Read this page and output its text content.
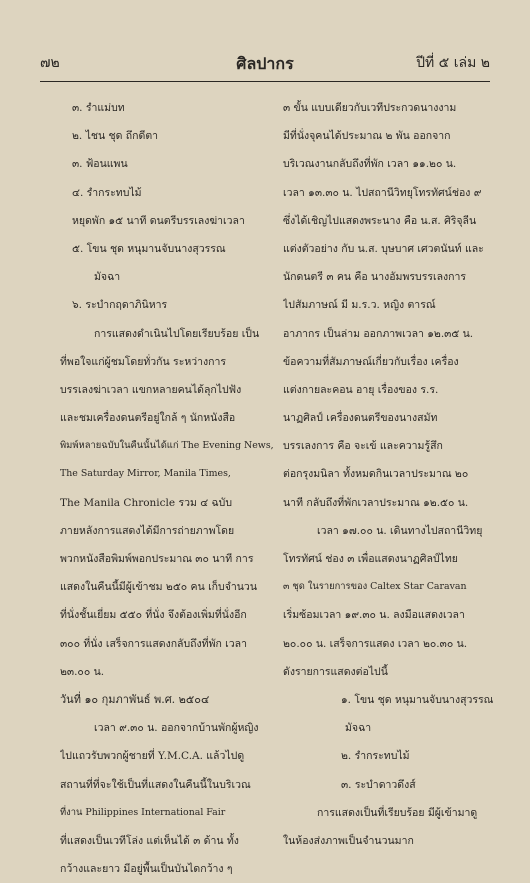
๗๒	ศิลปากร	ปีที่ ๕ เล่ม ๒
๓. รำแม่บท
๒. ไชน ชุด ถึกดีตา
๓. ฟ้อนแพน
๔. รำกระทบไม้
หยุดพัก ๑๕ นาที ดนตรีบรรเลงฆ่าเวลา
๕. โขน ชุด หนุมานจับนางสุวรรณ
มัจฉา
๖. ระบำกฤดาภินิหาร
การแสดงดำเนินไปโดยเรียบร้อย เป็น
ที่พอใจแก่ผู้ชมโดยทั่วกัน ระหว่างการ
บรรเลงฆ่าเวลา แขกหลายคนได้ลุกไปฟัง
และชมเครื่องดนตรีอยู่ใกล้ ๆ นักหนังสือ
พิมพ์หลายฉบับในคืนนั้นได้แก่ The Evening News,
The Saturday Mirror, Manila Times,
The Manila Chronicle รวม ๔ ฉบับ
ภายหลังการแสดงได้มีการถ่ายภาพโดย
พวกหนังสือพิมพ์พอกประมาณ ๓๐ นาที การ
แสดงในคืนนี้มีผู้เข้าชม ๒๕๐ คน เก็บจำนวน
ที่นั่งชั้นเยี่ยม ๕๕๐ ที่นั่ง จึงต้องเพิ่มที่นั่งอีก
๓๐๐ ที่นั่ง เสร็จการแสดงกลับถึงที่พัก เวลา
๒๓.๐๐ น.
วันที่ ๑๐ กุมภาพันธ์ พ.ศ. ๒๕๐๔
เวลา ๙.๓๐ น. ออกจากบ้านพักผู้หญิง
ไปแถวรับพวกผู้ชายที่ Y.M.C.A. แล้วไปดู
สถานที่ที่จะใช้เป็นที่แสดงในคืนนี้ในบริเวณ
ที่งาน Philippines International Fair
ที่แสดงเป็นเวทีโล่ง แต่เห็นได้ ๓ ด้าน ทั้ง
กว้างและยาว มีอยู่พื้นเป็นบันไดกว้าง ๆ
๓ ขั้น แบบเดียวกับเวทีประกวดนางงาม
มีที่นั่งจุคนได้ประมาณ ๒ พัน ออกจาก
บริเวณงานกลับถึงที่พัก เวลา ๑๑.๒๐ น.
เวลา ๑๓.๓๐ น. ไปสถานีวิทยุโทรทัศน์ช่อง ๙
ซึ่งได้เชิญไปแสดงพระนาง คือ น.ส. ศิริจุลีน
แต่งตัวอย่าง กับ น.ส. บุษบาศ เศวตนันท์ และ
นักดนตรี ๓ คน คือ นางอัมพรบรรเลงการ
ไปสัมภาษณ์ มี ม.ร.ว. หญิง ตารณ์
อาภากร เป็นล่าม ออกภาพเวลา ๑๒.๓๕ น.
ข้อความที่สัมภาษณ์เกี่ยวกับเรื่อง เครื่อง
แต่งกายละคอน อายุ เรื่องของ ร.ร.
นาฏศิลป์ เครื่องดนตรีของนางสมัท
บรรเลงการ คือ จะเข้ และความรู้สึก
ต่อกรุงมนิลา ทั้งหมดกินเวลาประมาณ ๒๐
นาที กลับถึงที่พักเวลาประมาณ ๑๒.๕๐ น.
เวลา ๑๗.๐๐ น. เดินทางไปสถานีวิทยุ
โทรทัศน์ ช่อง ๓ เพื่อแสดงนาฏศิลป์ไทย
๓ ชุด ในรายการของ Caltex Star Caravan
เริ่มซ้อมเวลา ๑๙.๓๐ น. ลงมือแสดงเวลา
๒๐.๐๐ น. เสร็จการแสดง เวลา ๒๐.๓๐ น.
ดังรายการแสดงต่อไปนี้
๑. โขน ชุด หนุมานจับนางสุวรรณ
มัจฉา
๒. รำกระทบไม้
๓. ระบำดาวดึงส์
การแสดงเป็นที่เรียบร้อย มีผู้เข้ามาดู
ในห้องส่งภาพเป็นจำนวนมาก
